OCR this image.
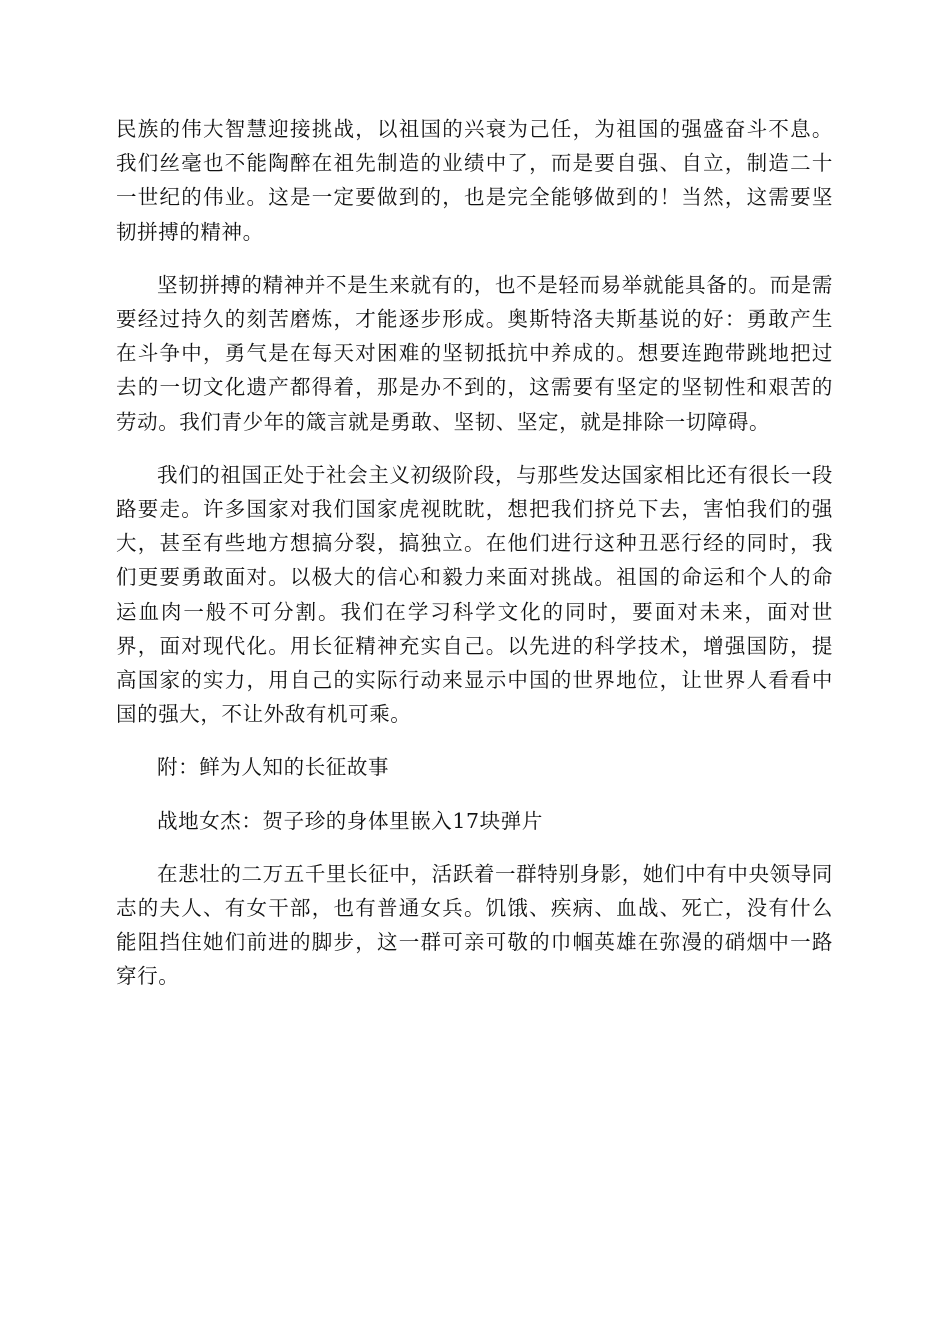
民族的伟大智慧迎接挑战，以祖国的兴衰为己任，为祖国的强盛奋斗不息。我们丝毫也不能陶醉在祖先制造的业绩中了，而是要自强、自立，制造二十一世纪的伟业。这是一定要做到的，也是完全能够做到的！当然，这需要坚韧拼搏的精神。

坚韧拼搏的精神并不是生来就有的，也不是轻而易举就能具备的。而是需要经过持久的刻苦磨炼，才能逐步形成。奥斯特洛夫斯基说的好：勇敢产生在斗争中，勇气是在每天对困难的坚韧抵抗中养成的。想要连跑带跳地把过去的一切文化遗产都得着，那是办不到的，这需要有坚定的坚韧性和艰苦的劳动。我们青少年的箴言就是勇敢、坚韧、坚定，就是排除一切障碍。

我们的祖国正处于社会主义初级阶段，与那些发达国家相比还有很长一段路要走。许多国家对我们国家虎视眈眈，想把我们挤兑下去，害怕我们的强大，甚至有些地方想搞分裂，搞独立。在他们进行这种丑恶行经的同时，我们更要勇敢面对。以极大的信心和毅力来面对挑战。祖国的命运和个人的命运血肉一般不可分割。我们在学习科学文化的同时，要面对未来，面对世界，面对现代化。用长征精神充实自己。以先进的科学技术，增强国防，提高国家的实力，用自己的实际行动来显示中国的世界地位，让世界人看看中国的强大，不让外敌有机可乘。

附：鲜为人知的长征故事

战地女杰：贺子珍的身体里嵌入17块弹片

在悲壮的二万五千里长征中，活跃着一群特别身影，她们中有中央领导同志的夫人、有女干部，也有普通女兵。饥饿、疾病、血战、死亡，没有什么能阻挡住她们前进的脚步，这一群可亲可敬的巾帼英雄在弥漫的硝烟中一路穿行。
